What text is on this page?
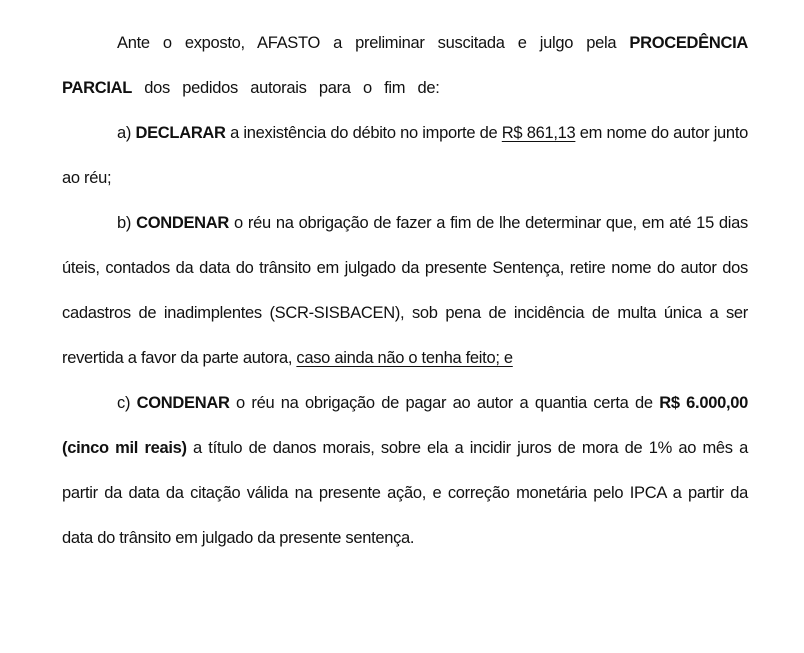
Ante o exposto, AFASTO a preliminar suscitada e julgo pela PROCEDÊNCIA PARCIAL dos pedidos autorais para o fim de:

a) DECLARAR a inexistência do débito no importe de R$ 861,13 em nome do autor junto ao réu;

b) CONDENAR o réu na obrigação de fazer a fim de lhe determinar que, em até 15 dias úteis, contados da data do trânsito em julgado da presente Sentença, retire nome do autor dos cadastros de inadimplentes (SCR-SISBACEN), sob pena de incidência de multa única a ser revertida a favor da parte autora, caso ainda não o tenha feito; e

c) CONDENAR o réu na obrigação de pagar ao autor a quantia certa de R$ 6.000,00 (cinco mil reais) a título de danos morais, sobre ela a incidir juros de mora de 1% ao mês a partir da data da citação válida na presente ação, e correção monetária pelo IPCA a partir da data do trânsito em julgado da presente sentença.
